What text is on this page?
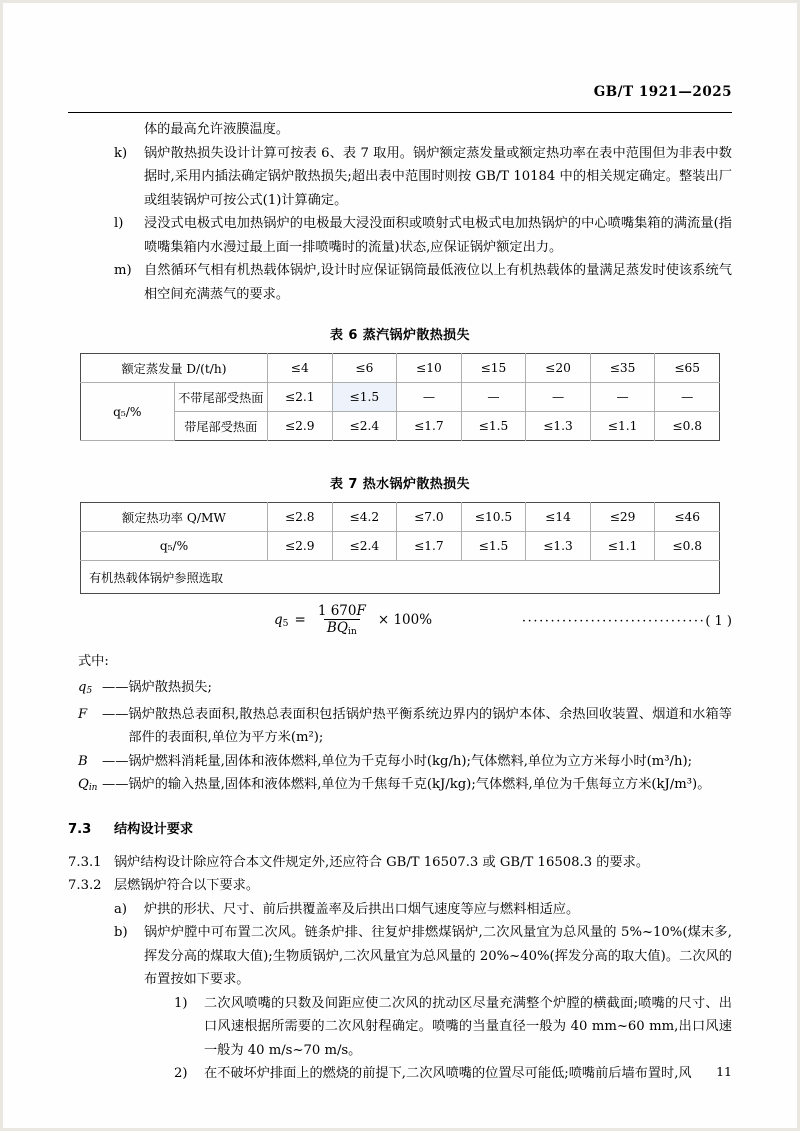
GB/T 1921—2025
体的最高允许液膜温度。
k)	锅炉散热损失设计计算可按表 6、表 7 取用。锅炉额定蒸发量或额定热功率在表中范围但为非表中数据时,采用内插法确定锅炉散热损失;超出表中范围时则按 GB/T 10184 中的相关规定确定。整装出厂或组装锅炉可按公式(1)计算确定。
l)	浸没式电极式电加热锅炉的电极最大浸没面积或喷射式电极式电加热锅炉的中心喷嘴集箱的满流量(指喷嘴集箱内水漫过最上面一排喷嘴时的流量)状态,应保证锅炉额定出力。
m) 自然循环气相有机热载体锅炉,设计时应保证锅筒最低液位以上有机热载体的量满足蒸发时使该系统气相空间充满蒸气的要求。
表 6 蒸汽锅炉散热损失
额定蒸发量 D/(t/h)		≤4	≤6	≤10	≤15	≤20	≤35	≤65
q₅/%	不带尾部受热面	≤2.1	≤1.5	—	—	—	—	—
	带尾部受热面	≤2.9	≤2.4	≤1.7	≤1.5	≤1.3	≤1.1	≤0.8
表 7 热水锅炉散热损失
额定热功率 Q/MW	≤2.8	≤4.2	≤7.0	≤10.5	≤14	≤29	≤46
q₅/%	≤2.9	≤2.4	≤1.7	≤1.5	≤1.3	≤1.1	≤0.8
有机热载体锅炉参照选取							
$q_5 = \frac{1 670F}{BQ_{in}} \times 100\%$	································( 1 )
式中:
$q_5$ —— 锅炉散热损失;
F	—— 锅炉散热总表面积,散热总表面积包括锅炉热平衡系统边界内的锅炉本体、余热回收装置、烟道和水箱等部件的表面积,单位为平方米(m²);
B	—— 锅炉燃料消耗量,固体和液体燃料,单位为千克每小时(kg/h);气体燃料,单位为立方米每小时(m³/h);
$Q_{in}$ —— 锅炉的输入热量,固体和液体燃料,单位为千焦每千克(kJ/kg);气体燃料,单位为千焦每立方米(kJ/m³)。
7.3	结构设计要求
7.3.1 锅炉结构设计除应符合本文件规定外,还应符合 GB/T 16507.3 或 GB/T 16508.3 的要求。
7.3.2 层燃锅炉符合以下要求。
a)	炉拱的形状、尺寸、前后拱覆盖率及后拱出口烟气速度等应与燃料相适应。
b)	锅炉炉膛中可布置二次风。链条炉排、往复炉排燃煤锅炉,二次风量宜为总风量的 5%~10%(煤末多,挥发分高的煤取大值);生物质锅炉,二次风量宜为总风量的 20%~40%(挥发分高的取大值)。二次风的布置按如下要求。
1)	二次风喷嘴的只数及间距应使二次风的扰动区尽量充满整个炉膛的横截面;喷嘴的尺寸、出口风速根据所需要的二次风射程确定。喷嘴的当量直径一般为 40 mm~60 mm,出口风速一般为 40 m/s~70 m/s。
2)	在不破坏炉排面上的燃烧的前提下,二次风喷嘴的位置尽可能低;喷嘴前后墙布置时,风	11
